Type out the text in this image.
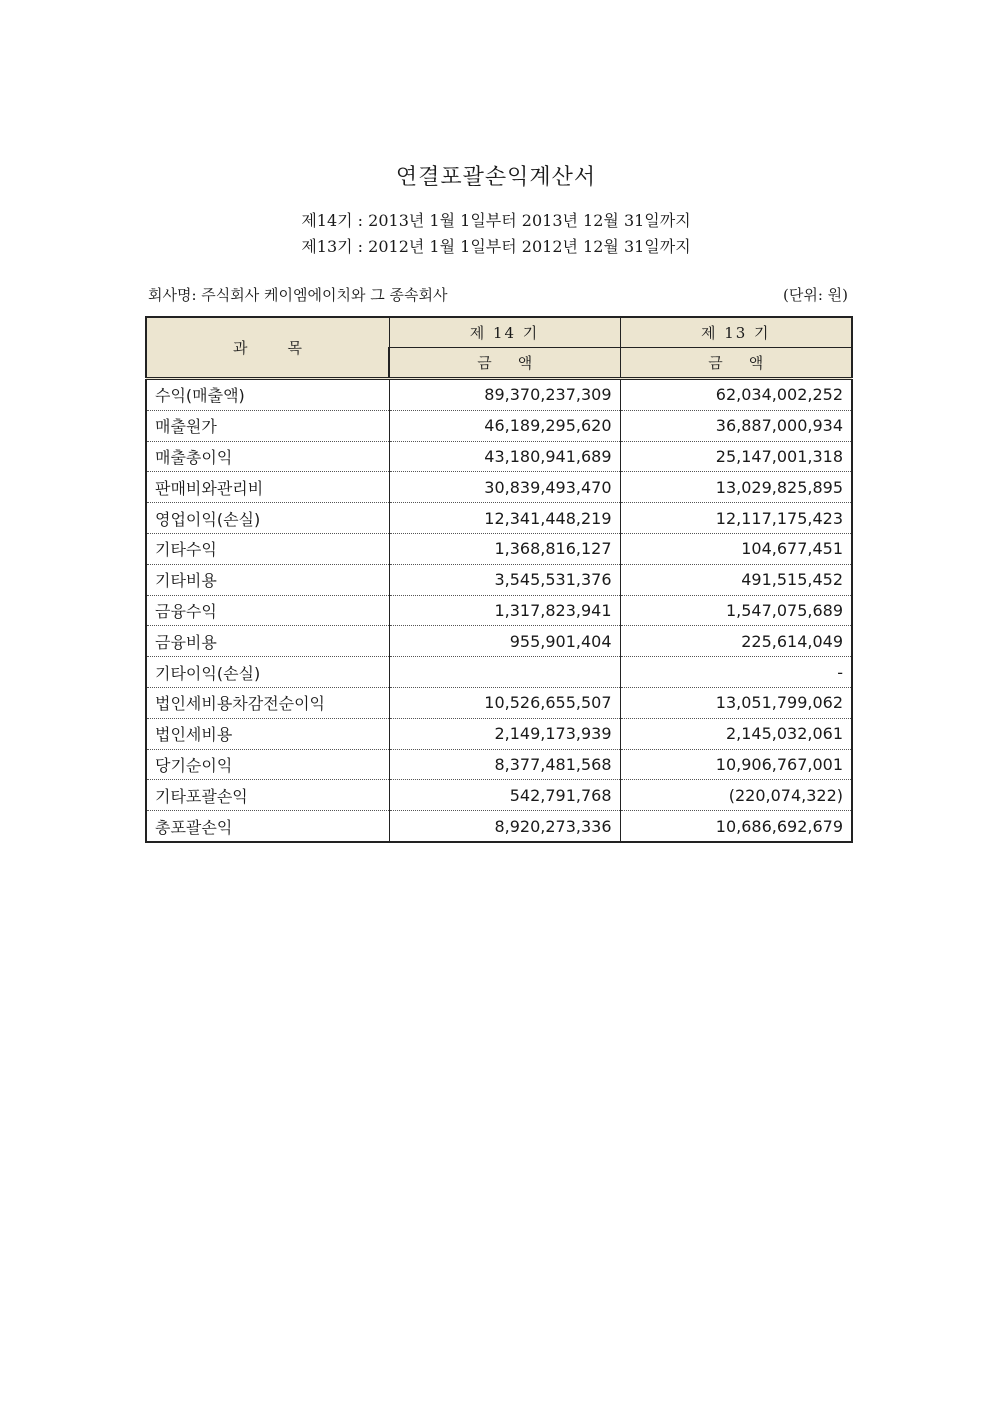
연결포괄손익계산서
제14기 : 2013년 1월 1일부터 2013년 12월 31일까지
제13기 : 2012년 1월 1일부터 2012년 12월 31일까지
회사명: 주식회사 케이엠에이치와 그 종속회사	(단위: 원)
과목	제 14 기	제 13 기
	금액	금액
수익(매출액)	89,370,237,309	62,034,002,252
매출원가	46,189,295,620	36,887,000,934
매출총이익	43,180,941,689	25,147,001,318
판매비와관리비	30,839,493,470	13,029,825,895
영업이익(손실)	12,341,448,219	12,117,175,423
기타수익	1,368,816,127	104,677,451
기타비용	3,545,531,376	491,515,452
금융수익	1,317,823,941	1,547,075,689
금융비용	955,901,404	225,614,049
기타이익(손실)		-
법인세비용차감전순이익	10,526,655,507	13,051,799,062
법인세비용	2,149,173,939	2,145,032,061
당기순이익	8,377,481,568	10,906,767,001
기타포괄손익	542,791,768	(220,074,322)
총포괄손익	8,920,273,336	10,686,692,679
